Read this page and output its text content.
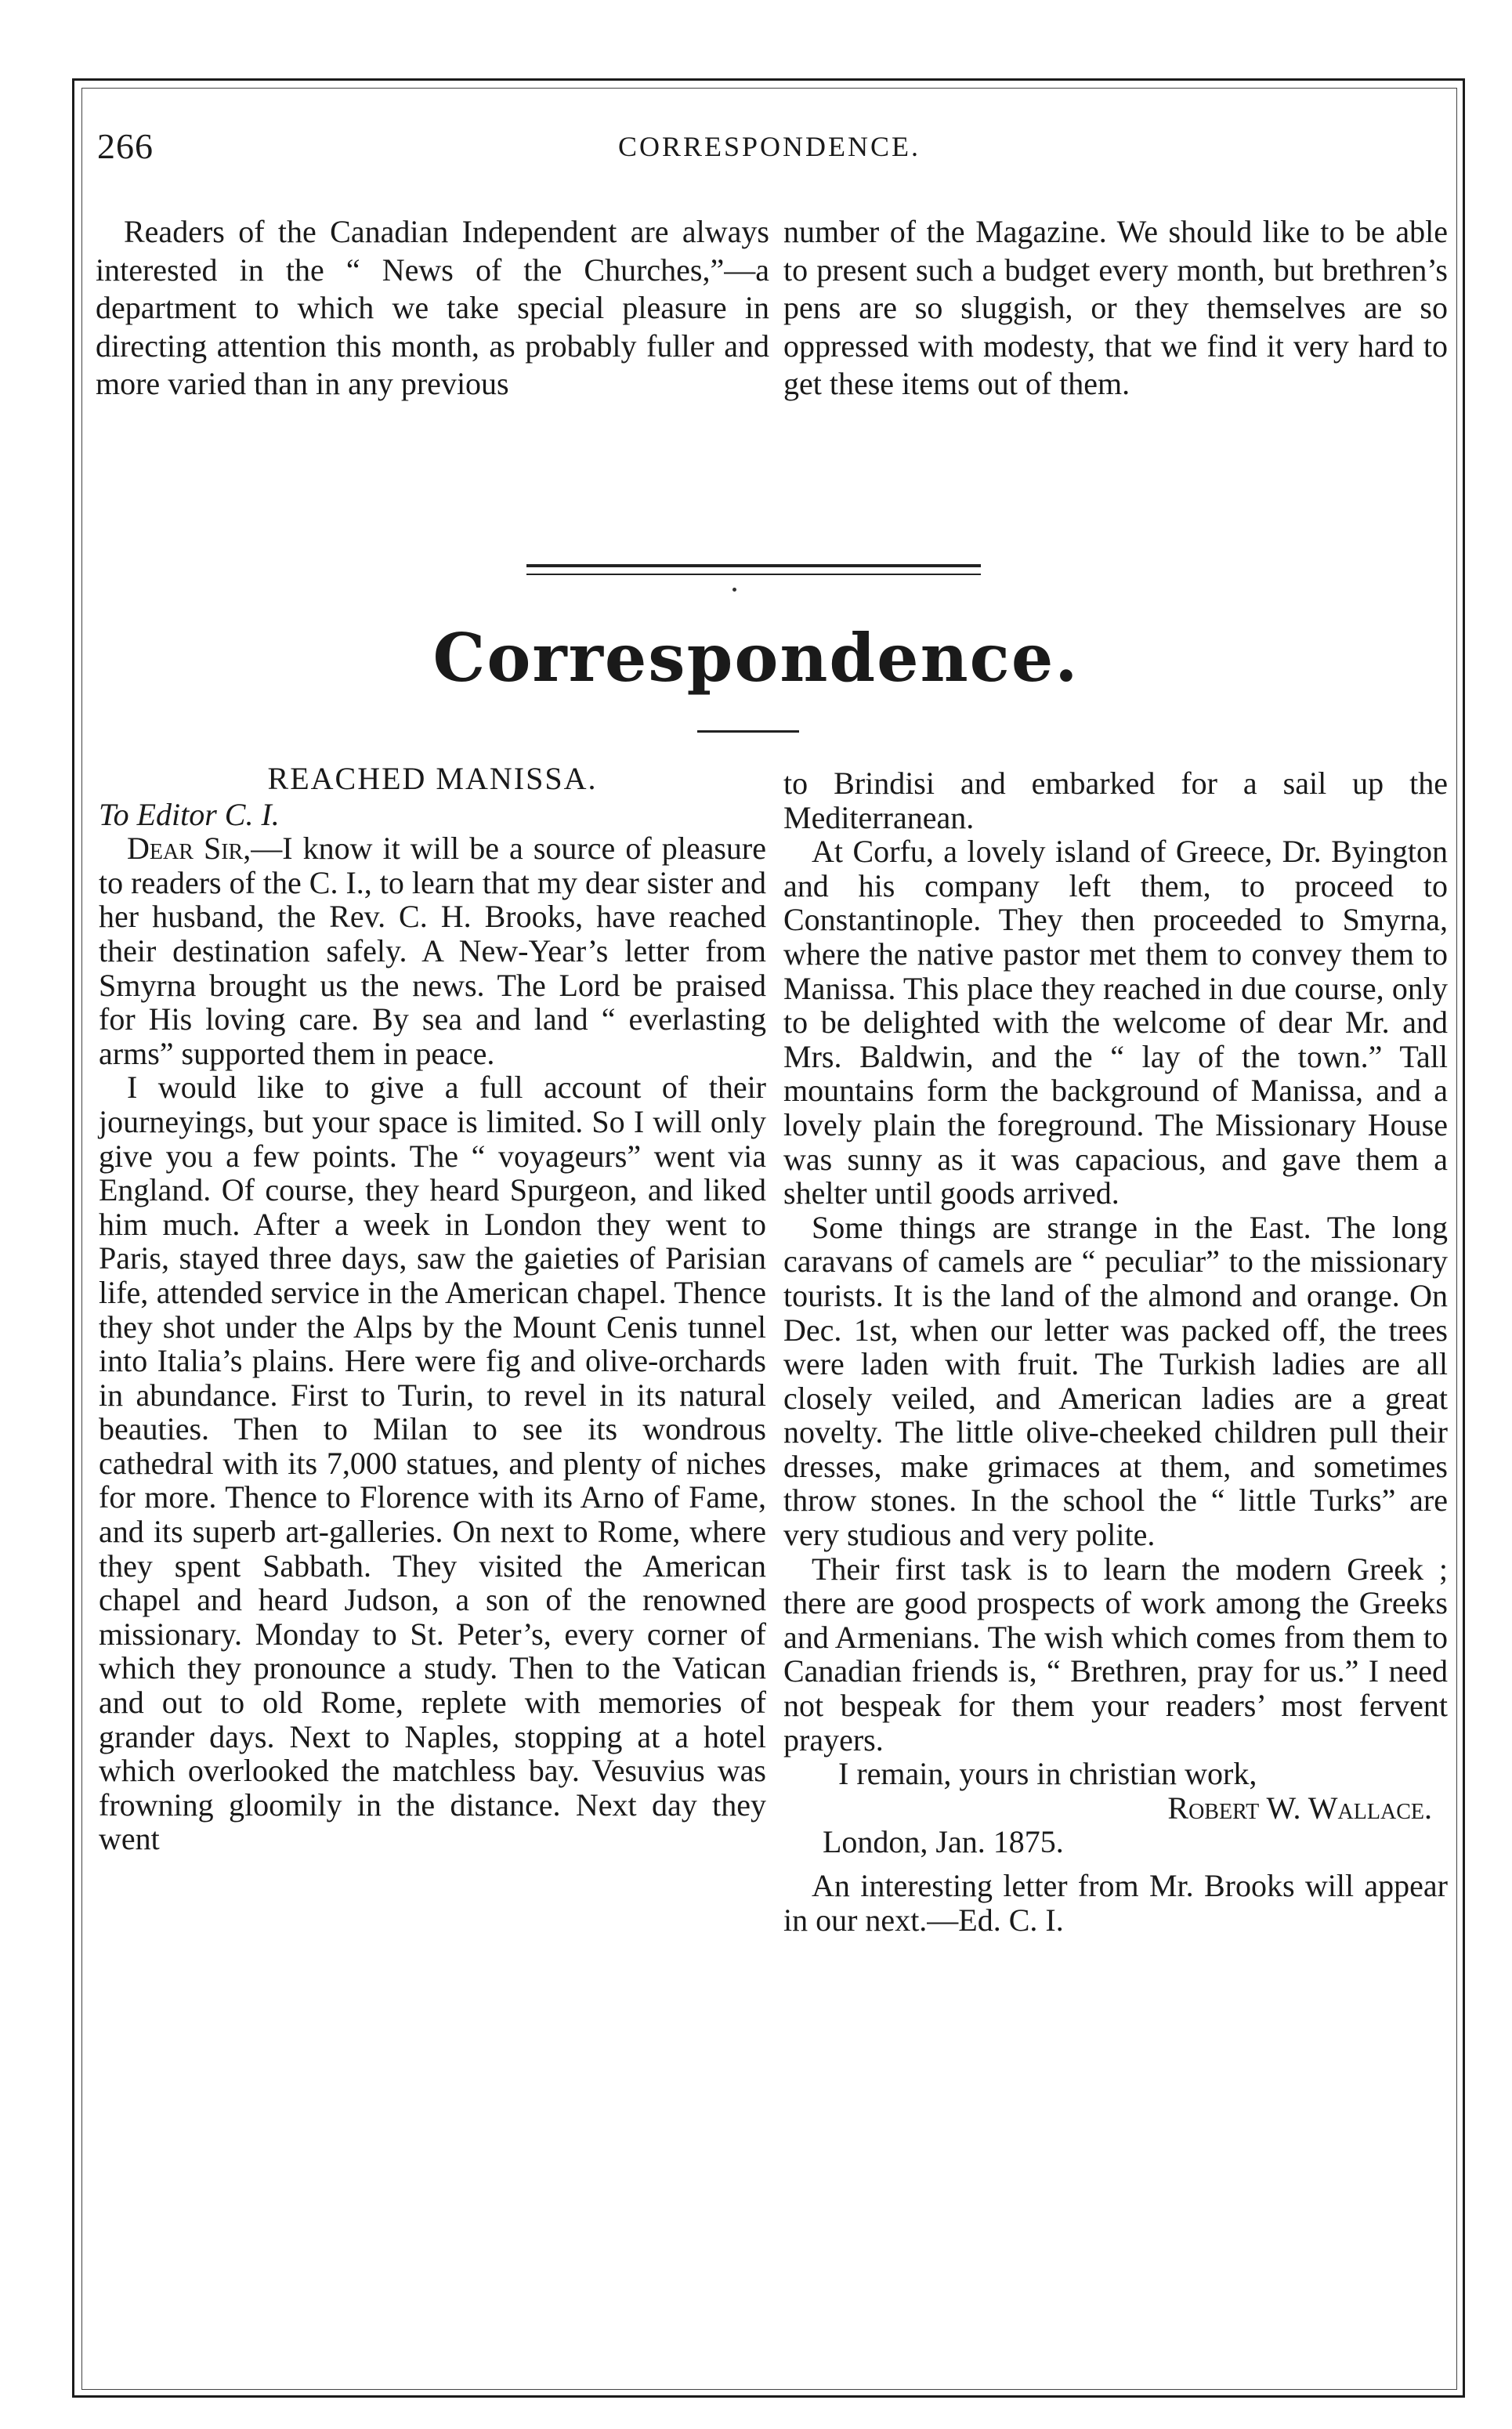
266	CORRESPONDENCE.

Readers of the Canadian Independent are always interested in the “ News of the Churches,”—a department to which we take special pleasure in directing attention this month, as probably fuller and more varied than in any previous

number of the Magazine. We should like to be able to present such a budget every month, but brethren’s pens are so sluggish, or they themselves are so oppressed with modesty, that we find it very hard to get these items out of them.

Correspondence.

REACHED MANISSA.

To Editor C. I.

Dear Sir,—I know it will be a source of pleasure to readers of the C. I., to learn that my dear sister and her husband, the Rev. C. H. Brooks, have reached their destination safely. A New-Year’s letter from Smyrna brought us the news. The Lord be praised for His loving care. By sea and land “ everlasting arms” supported them in peace.

I would like to give a full account of their journeyings, but your space is limited. So I will only give you a few points. The “ voyageurs” went via England. Of course, they heard Spurgeon, and liked him much. After a week in London they went to Paris, stayed three days, saw the gaieties of Parisian life, attended service in the American chapel. Thence they shot under the Alps by the Mount Cenis tunnel into Italia’s plains. Here were fig and olive-orchards in abundance. First to Turin, to revel in its natural beauties. Then to Milan to see its wondrous cathedral with its 7,000 statues, and plenty of niches for more. Thence to Florence with its Arno of Fame, and its superb art-galleries. On next to Rome, where they spent Sabbath. They visited the American chapel and heard Judson, a son of the renowned missionary. Monday to St. Peter’s, every corner of which they pronounce a study. Then to the Vatican and out to old Rome, replete with memories of grander days. Next to Naples, stopping at a hotel which overlooked the matchless bay. Vesuvius was frowning gloomily in the distance. Next day they went

to Brindisi and embarked for a sail up the Mediterranean.

At Corfu, a lovely island of Greece, Dr. Byington and his company left them, to proceed to Constantinople. They then proceeded to Smyrna, where the native pastor met them to convey them to Manissa. This place they reached in due course, only to be delighted with the welcome of dear Mr. and Mrs. Baldwin, and the “ lay of the town.” Tall mountains form the background of Manissa, and a lovely plain the foreground. The Missionary House was sunny as it was capacious, and gave them a shelter until goods arrived.

Some things are strange in the East. The long caravans of camels are “ peculiar” to the missionary tourists. It is the land of the almond and orange. On Dec. 1st, when our letter was packed off, the trees were laden with fruit. The Turkish ladies are all closely veiled, and American ladies are a great novelty. The little olive-cheeked children pull their dresses, make grimaces at them, and sometimes throw stones. In the school the “ little Turks” are very studious and very polite.

Their first task is to learn the modern Greek ; there are good prospects of work among the Greeks and Armenians. The wish which comes from them to Canadian friends is, “ Brethren, pray for us.” I need not bespeak for them your readers’ most fervent prayers.

I remain, yours in christian work,

Robert W. Wallace.

London, Jan. 1875.

An interesting letter from Mr. Brooks will appear in our next.—Ed. C. I.
